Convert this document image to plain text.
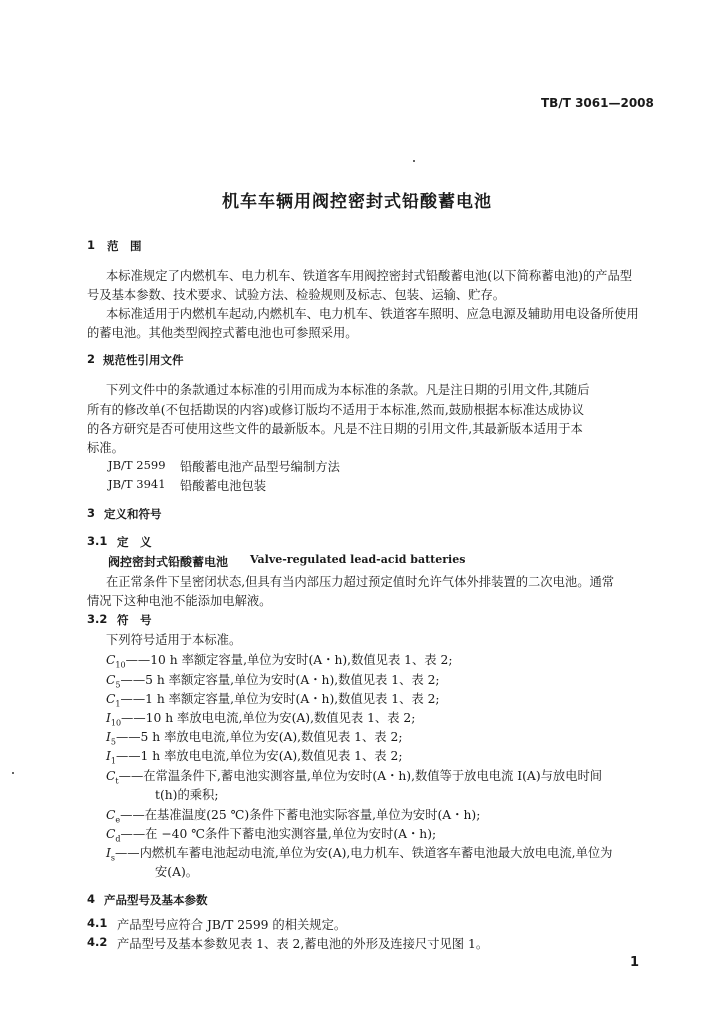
TB/T 3061—2008
机车车辆用阀控密封式铅酸蓄电池
1 范　围
本标准规定了内燃机车、电力机车、铁道客车用阀控密封式铅酸蓄电池(以下简称蓄电池)的产品型
号及基本参数、技术要求、试验方法、检验规则及标志、包装、运输、贮存。
本标准适用于内燃机车起动,内燃机车、电力机车、铁道客车照明、应急电源及辅助用电设备所使用
的蓄电池。其他类型阀控式蓄电池也可参照采用。
2 规范性引用文件
下列文件中的条款通过本标准的引用而成为本标准的条款。凡是注日期的引用文件,其随后
所有的修改单(不包括勘误的内容)或修订版均不适用于本标准,然而,鼓励根据本标准达成协议
的各方研究是否可使用这些文件的最新版本。凡是不注日期的引用文件,其最新版本适用于本
标准。
JB/T 2599 铅酸蓄电池产品型号编制方法
JB/T 3941 铅酸蓄电池包装
3 定义和符号
3.1 定　义
阀控密封式铅酸蓄电池 Valve-regulated lead-acid batteries
在正常条件下呈密闭状态,但具有当内部压力超过预定值时允许气体外排装置的二次电池。通常
情况下这种电池不能添加电解液。
3.2 符　号
下列符号适用于本标准。
$C_{10}——10$ h 率额定容量,单位为安时(A・h),数值见表 1、表 2;
$C_5——5$ h 率额定容量,单位为安时(A・h),数值见表 1、表 2;
$C_1——1$ h 率额定容量,单位为安时(A・h),数值见表 1、表 2;
$I_{10}——10$ h 率放电电流,单位为安(A),数值见表 1、表 2;
$I_5——5$ h 率放电电流,单位为安(A),数值见表 1、表 2;
$I_1——1$ h 率放电电流,单位为安(A),数值见表 1、表 2;
$C_t——$在常温条件下,蓄电池实测容量,单位为安时(A・h),数值等于放电电流 I(A)与放电时间
t(h)的乘积;
$C_e——$在基准温度(25 ℃)条件下蓄电池实际容量,单位为安时(A・h);
$C_d——$在 −40 ℃条件下蓄电池实测容量,单位为安时(A・h);
$I_s——$内燃机车蓄电池起动电流,单位为安(A),电力机车、铁道客车蓄电池最大放电电流,单位为
安(A)。
4 产品型号及基本参数
4.1 产品型号应符合 JB/T 2599 的相关规定。
4.2 产品型号及基本参数见表 1、表 2,蓄电池的外形及连接尺寸见图 1。
1
